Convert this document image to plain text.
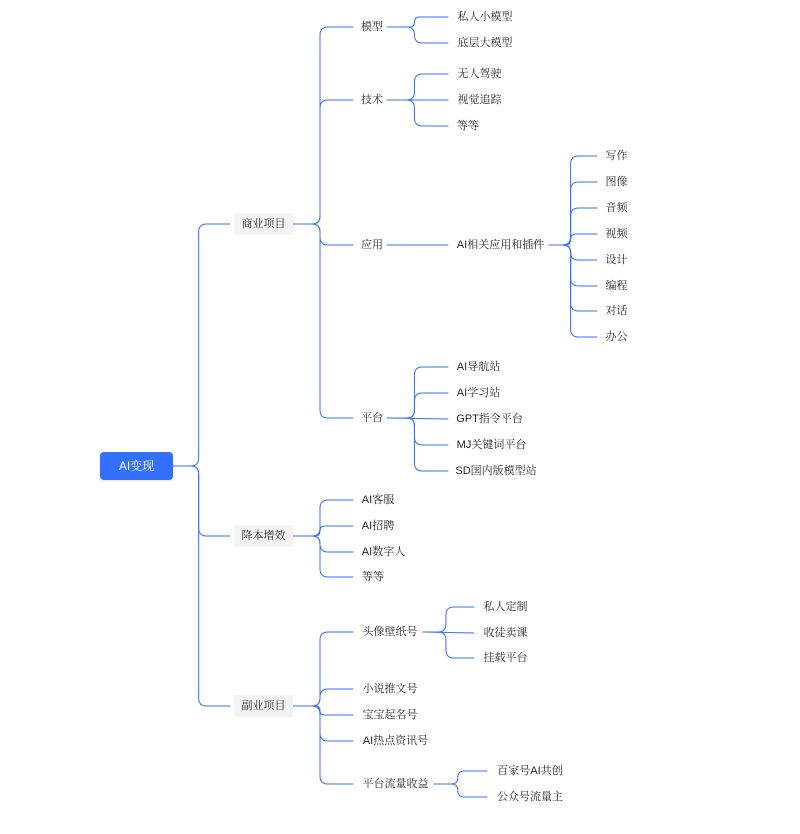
AI变现
商业项目
降本增效
副业项目
模型
技术
应用
平台
私人小模型
底层大模型
无人驾驶
视觉追踪
等等
AI相关应用和插件
写作
图像
音频
视频
设计
编程
对话
办公
AI导航站
AI学习站
GPT指令平台
MJ关键词平台
SD国内版模型站
AI客服
AI招聘
AI数字人
等等
头像壁纸号
小说推文号
宝宝起名号
AI热点资讯号
平台流量收益
私人定制
收徒卖课
挂载平台
百家号AI共创
公众号流量主
